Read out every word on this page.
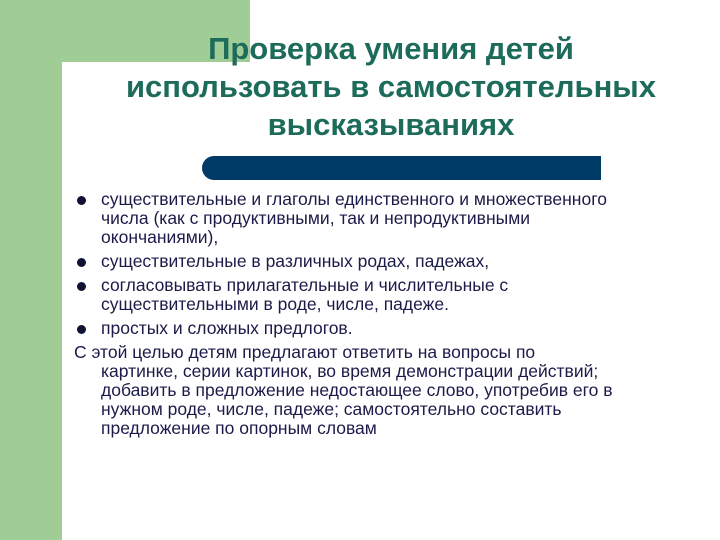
Проверка умения детей
использовать в самостоятельных
высказываниях
существительные и глаголы единственного и множественного числа (как с продуктивными, так и непродуктивными окончаниями),
существительные в различных родах, падежах,
согласовывать прилагательные и числительные с существительными в роде, числе, падеже.
простых и сложных предлогов.
С этой целью детям предлагают ответить на вопросы по картинке, серии картинок, во время демонстрации действий; добавить в предложение недостающее слово, употребив его в нужном роде, числе, падеже; самостоятельно составить предложение по опорным словам
